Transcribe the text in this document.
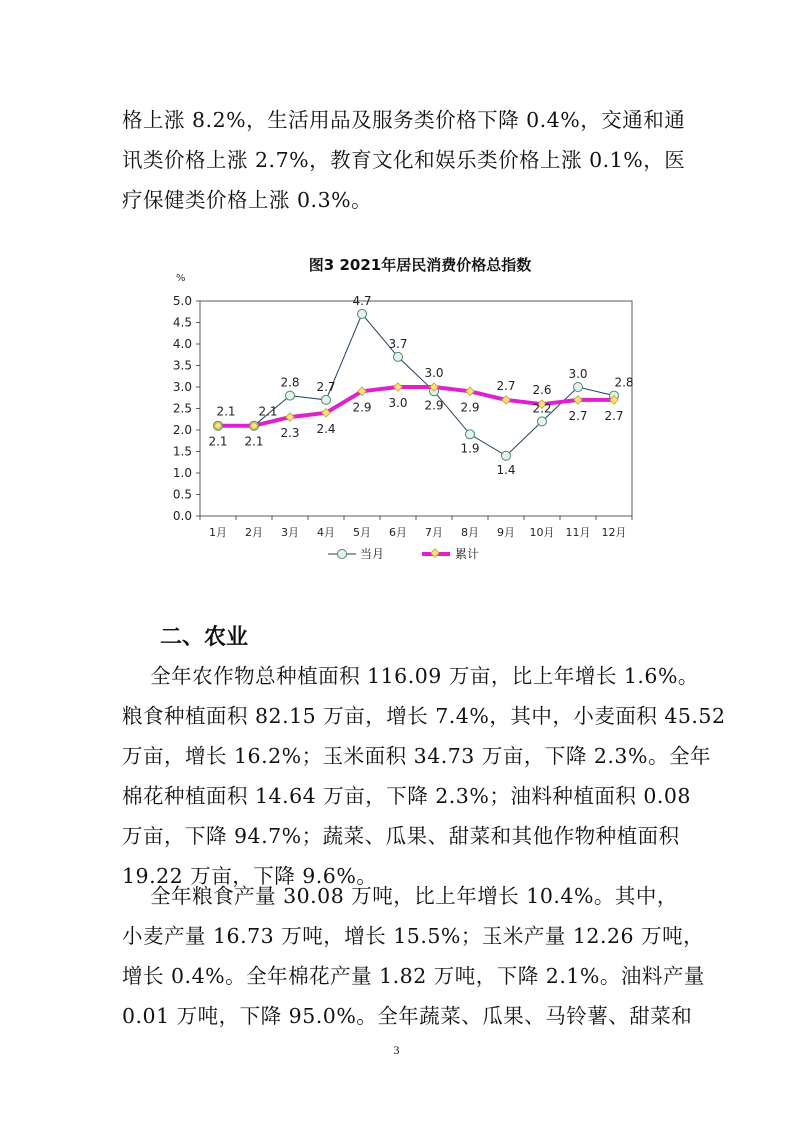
格上涨 8.2%，生活用品及服务类价格下降 0.4%，交通和通
讯类价格上涨 2.7%，教育文化和娱乐类价格上涨 0.1%，医
疗保健类价格上涨 0.3%。
图3 2021年居民消费价格总指数
%
0.0
0.5
1.0
1.5
2.0
2.5
3.0
3.5
4.0
4.5
5.0
1月 2月 3月 4月 5月 6月 7月 8月 9月 10月 11月 12月
2.1 2.1
2.8 2.7
4.7
3.7
2.9
1.9
1.4
2.2
3.0
2.8
2.1 2.1
2.3 2.4
2.9 3.0
3.0
2.9
2.7 2.6
2.7 2.7
当月	累计
二、农业
全年农作物总种植面积 116.09 万亩，比上年增长 1.6%。
粮食种植面积 82.15 万亩，增长 7.4%，其中，小麦面积 45.52
万亩，增长 16.2%；玉米面积 34.73 万亩，下降 2.3%。全年
棉花种植面积 14.64 万亩，下降 2.3%；油料种植面积 0.08
万亩，下降 94.7%；蔬菜、瓜果、甜菜和其他作物种植面积
19.22 万亩，下降 9.6%。
全年粮食产量 30.08 万吨，比上年增长 10.4%。其中，
小麦产量 16.73 万吨，增长 15.5%；玉米产量 12.26 万吨，
增长 0.4%。全年棉花产量 1.82 万吨，下降 2.1%。油料产量
0.01 万吨，下降 95.0%。全年蔬菜、瓜果、马铃薯、甜菜和
3
